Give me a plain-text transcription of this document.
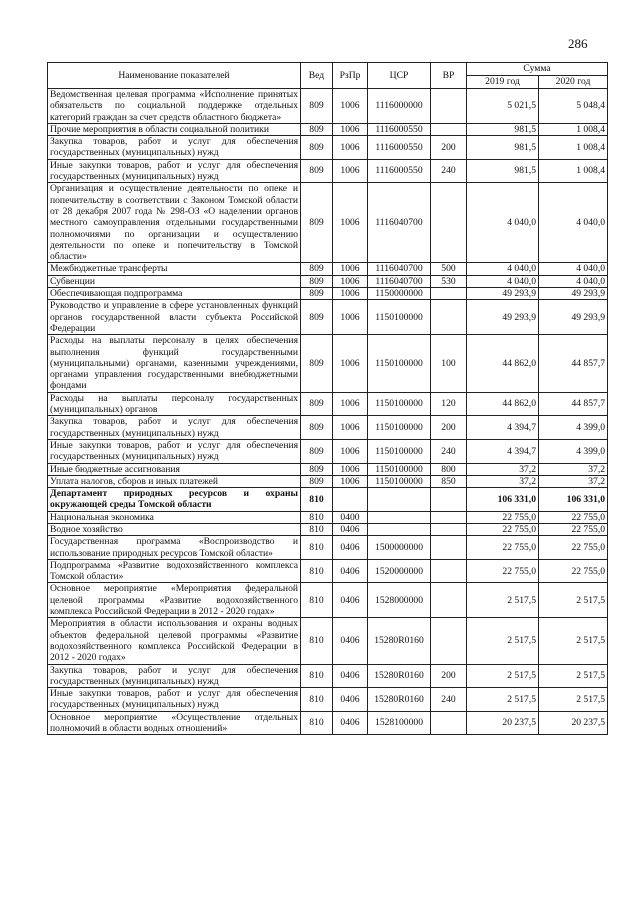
286
Наименование показателей	Вед	РзПр	ЦСР	ВР	Сумма	
					2019 год	2020 год
Ведомственная целевая программа «Исполнение принятых обязательств по социальной поддержке отдельных категорий граждан за счет средств областного бюджета»	809	1006	1116000000		5 021,5	5 048,4
Прочие мероприятия в области социальной политики	809	1006	1116000550		981,5	1 008,4
Закупка товаров, работ и услуг для обеспечения государственных (муниципальных) нужд	809	1006	1116000550	200	981,5	1 008,4
Иные закупки товаров, работ и услуг для обеспечения государственных (муниципальных) нужд	809	1006	1116000550	240	981,5	1 008,4
Организация и осуществление деятельности по опеке и попечительству в соответствии с Законом Томской области от 28 декабря 2007 года № 298-ОЗ «О наделении органов местного самоуправления отдельными государственными полномочиями по организации и осуществлению деятельности по опеке и попечительству в Томской области»	809	1006	1116040700		4 040,0	4 040,0
Межбюджетные трансферты	809	1006	1116040700	500	4 040,0	4 040,0
Субвенции	809	1006	1116040700	530	4 040,0	4 040,0
Обеспечивающая подпрограмма	809	1006	1150000000		49 293,9	49 293,9
Руководство и управление в сфере установленных функций органов государственной власти субъекта Российской Федерации	809	1006	1150100000		49 293,9	49 293,9
Расходы на выплаты персоналу в целях обеспечения выполнения функций государственными (муниципальными) органами, казенными учреждениями, органами управления государственными внебюджетными фондами	809	1006	1150100000	100	44 862,0	44 857,7
Расходы на выплаты персоналу государственных (муниципальных) органов	809	1006	1150100000	120	44 862,0	44 857,7
Закупка товаров, работ и услуг для обеспечения государственных (муниципальных) нужд	809	1006	1150100000	200	4 394,7	4 399,0
Иные закупки товаров, работ и услуг для обеспечения государственных (муниципальных) нужд	809	1006	1150100000	240	4 394,7	4 399,0
Иные бюджетные ассигнования	809	1006	1150100000	800	37,2	37,2
Уплата налогов, сборов и иных платежей	809	1006	1150100000	850	37,2	37,2
Департамент природных ресурсов и охраны окружающей среды Томской области	810				106 331,0	106 331,0
Национальная экономика	810	0400			22 755,0	22 755,0
Водное хозяйство	810	0406			22 755,0	22 755,0
Государственная программа «Воспроизводство и использование природных ресурсов Томской области»	810	0406	1500000000		22 755,0	22 755,0
Подпрограмма «Развитие водохозяйственного комплекса Томской области»	810	0406	1520000000		22 755,0	22 755,0
Основное мероприятие «Мероприятия федеральной целевой программы «Развитие водохозяйственного комплекса Российской Федерации в 2012 - 2020 годах»	810	0406	1528000000		2 517,5	2 517,5
Мероприятия в области использования и охраны водных объектов федеральной целевой программы «Развитие водохозяйственного комплекса Российской Федерации в 2012 - 2020 годах»	810	0406	15280R0160		2 517,5	2 517,5
Закупка товаров, работ и услуг для обеспечения государственных (муниципальных) нужд	810	0406	15280R0160	200	2 517,5	2 517,5
Иные закупки товаров, работ и услуг для обеспечения государственных (муниципальных) нужд	810	0406	15280R0160	240	2 517,5	2 517,5
Основное мероприятие «Осуществление отдельных полномочий в области водных отношений»	810	0406	1528100000		20 237,5	20 237,5
